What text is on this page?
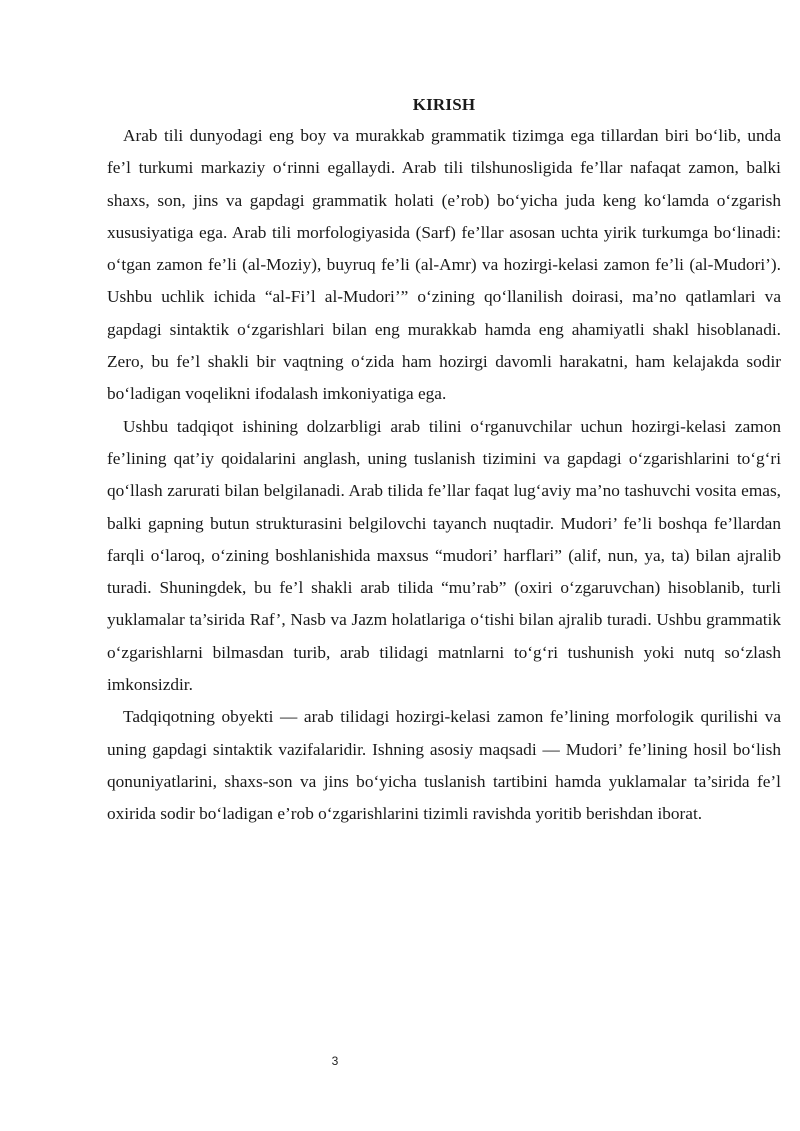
KIRISH

Arab tili dunyodagi eng boy va murakkab grammatik tizimga ega tillardan biri bo‘lib, unda fe’l turkumi markaziy o‘rinni egallaydi. Arab tili tilshunosligida fe’llar nafaqat zamon, balki shaxs, son, jins va gapdagi grammatik holati (e’rob) bo‘yicha juda keng ko‘lamda o‘zgarish xususiyatiga ega. Arab tili morfologiyasida (Sarf) fe’llar asosan uchta yirik turkumga bo‘linadi: o‘tgan zamon fe’li (al-Moziy), buyruq fe’li (al-Amr) va hozirgi-kelasi zamon fe’li (al-Mudori’). Ushbu uchlik ichida “al-Fi’l al-Mudori’” o‘zining qo‘llanilish doirasi, ma’no qatlamlari va gapdagi sintaktik o‘zgarishlari bilan eng murakkab hamda eng ahamiyatli shakl hisoblanadi. Zero, bu fe’l shakli bir vaqtning o‘zida ham hozirgi davomli harakatni, ham kelajakda sodir bo‘ladigan voqelikni ifodalash imkoniyatiga ega.

Ushbu tadqiqot ishining dolzarbligi arab tilini o‘rganuvchilar uchun hozirgi-kelasi zamon fe’lining qat’iy qoidalarini anglash, uning tuslanish tizimini va gapdagi o‘zgarishlarini to‘g‘ri qo‘llash zarurati bilan belgilanadi. Arab tilida fe’llar faqat lug‘aviy ma’no tashuvchi vosita emas, balki gapning butun strukturasini belgilovchi tayanch nuqtadir. Mudori’ fe’li boshqa fe’llardan farqli o‘laroq, o‘zining boshlanishida maxsus “mudori’ harflari” (alif, nun, ya, ta) bilan ajralib turadi. Shuningdek, bu fe’l shakli arab tilida “mu’rab” (oxiri o‘zgaruvchan) hisoblanib, turli yuklamalar ta’sirida Raf’, Nasb va Jazm holatlariga o‘tishi bilan ajralib turadi. Ushbu grammatik o‘zgarishlarni bilmasdan turib, arab tilidagi matnlarni to‘g‘ri tushunish yoki nutq so‘zlash imkonsizdir.

Tadqiqotning obyekti — arab tilidagi hozirgi-kelasi zamon fe’lining morfologik qurilishi va uning gapdagi sintaktik vazifalaridir. Ishning asosiy maqsadi — Mudori’ fe’lining hosil bo‘lish qonuniyatlarini, shaxs-son va jins bo‘yicha tuslanish tartibini hamda yuklamalar ta’sirida fe’l oxirida sodir bo‘ladigan e’rob o‘zgarishlarini tizimli ravishda yoritib berishdan iborat.

3
